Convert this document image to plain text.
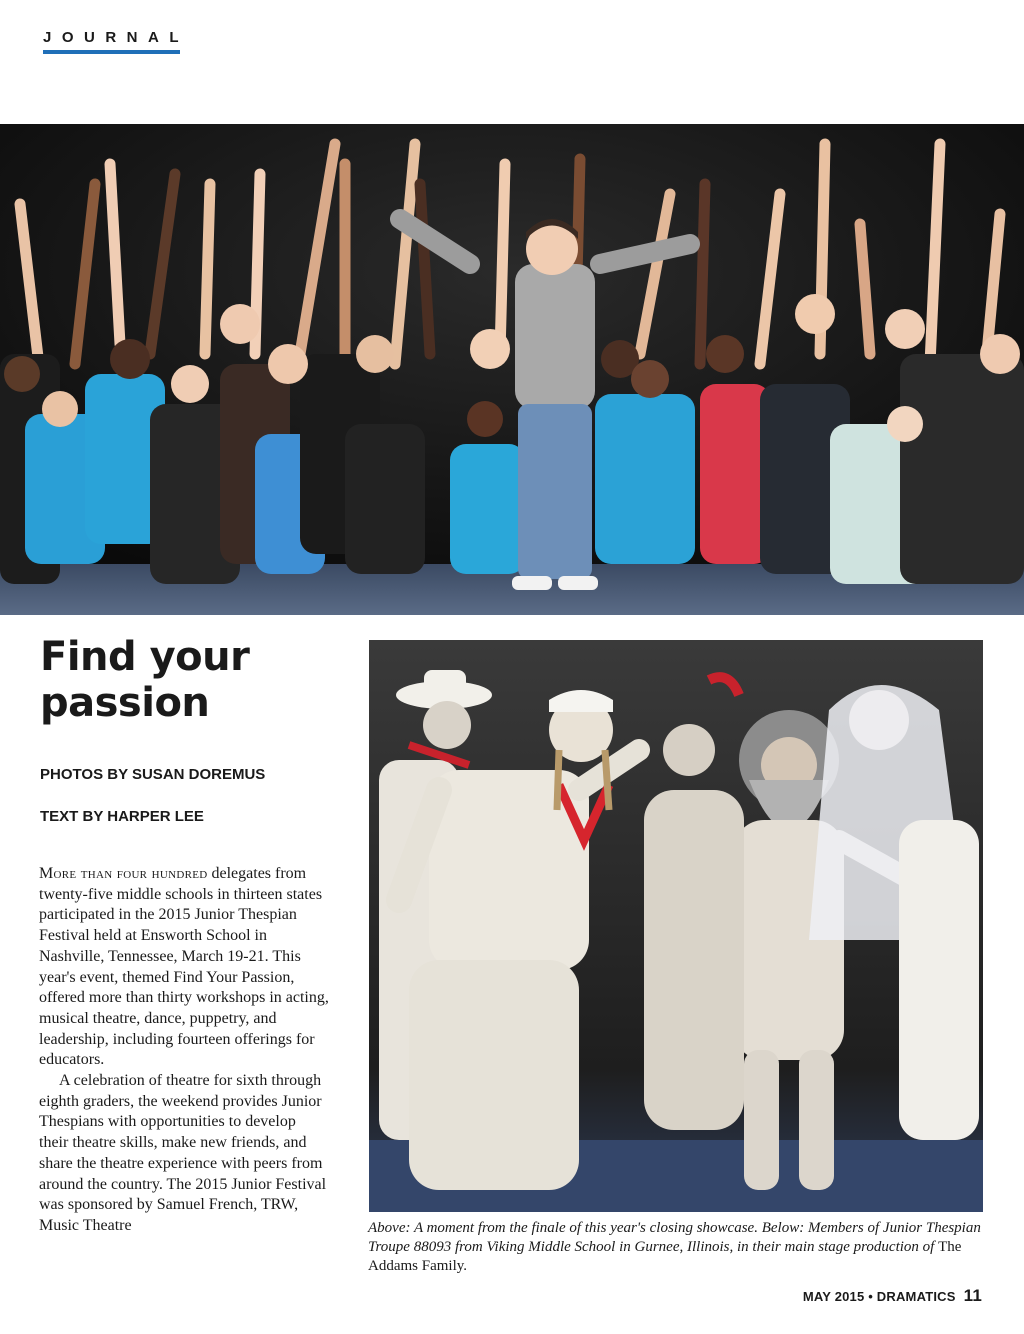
JOURNAL
Find your passion

PHOTOS BY SUSAN DOREMUS

TEXT BY HARPER LEE

More than four hundred delegates from twenty-five middle schools in thirteen states participated in the 2015 Junior Thespian Festival held at Ensworth School in Nashville, Tennessee, March 19-21. This year's event, themed Find Your Passion, offered more than thirty workshops in acting, musical theatre, dance, puppetry, and leadership, including fourteen offerings for educators.

A celebration of theatre for sixth through eighth graders, the weekend provides Junior Thespians with opportunities to develop their theatre skills, make new friends, and share the theatre experience with peers from around the country. The 2015 Junior Festival was sponsored by Samuel French, TRW, Music Theatre	Above: A moment from the finale of this year's closing showcase. Below: Members of Junior Thespian Troupe 88093 from Viking Middle School in Gurnee, Illinois, in their main stage production of The Addams Family.

MAY 2015 • DRAMATICS 11
